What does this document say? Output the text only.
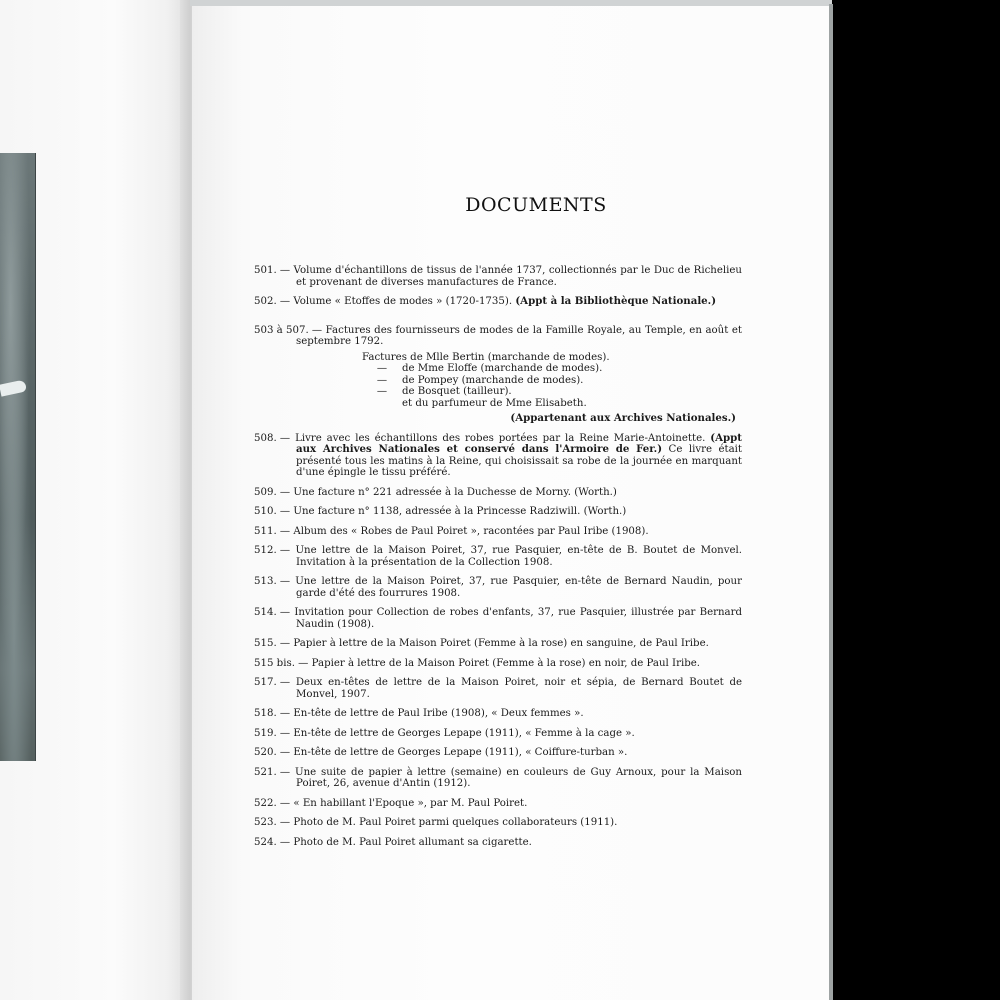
DOCUMENTS
501. — Volume d'échantillons de tissus de l'année 1737, collectionnés par le Duc de Richelieu et provenant de diverses manufactures de France.
502. — Volume « Etoffes de modes » (1720-1735). (Appt à la Bibliothèque Nationale.)
503 à 507. — Factures des fournisseurs de modes de la Famille Royale, au Temple, en août et septembre 1792.
Factures de Mlle Bertin (marchande de modes).
— de Mme Eloffe (marchande de modes).
— de Pompey (marchande de modes).
— de Bosquet (tailleur).
et du parfumeur de Mme Elisabeth.
(Appartenant aux Archives Nationales.)
508. — Livre avec les échantillons des robes portées par la Reine Marie-Antoinette. (Appt aux Archives Nationales et conservé dans l'Armoire de Fer.) Ce livre était présenté tous les matins à la Reine, qui choisissait sa robe de la journée en marquant d'une épingle le tissu préféré.
509. — Une facture n° 221 adressée à la Duchesse de Morny. (Worth.)
510. — Une facture n° 1138, adressée à la Princesse Radziwill. (Worth.)
511. — Album des « Robes de Paul Poiret », racontées par Paul Iribe (1908).
512. — Une lettre de la Maison Poiret, 37, rue Pasquier, en-tête de B. Boutet de Monvel. Invitation à la présentation de la Collection 1908.
513. — Une lettre de la Maison Poiret, 37, rue Pasquier, en-tête de Bernard Naudin, pour garde d'été des fourrures 1908.
514. — Invitation pour Collection de robes d'enfants, 37, rue Pasquier, illustrée par Bernard Naudin (1908).
515. — Papier à lettre de la Maison Poiret (Femme à la rose) en sanguine, de Paul Iribe.
515 bis. — Papier à lettre de la Maison Poiret (Femme à la rose) en noir, de Paul Iribe.
517. — Deux en-têtes de lettre de la Maison Poiret, noir et sépia, de Bernard Boutet de Monvel, 1907.
518. — En-tête de lettre de Paul Iribe (1908), « Deux femmes ».
519. — En-tête de lettre de Georges Lepape (1911), « Femme à la cage ».
520. — En-tête de lettre de Georges Lepape (1911), « Coiffure-turban ».
521. — Une suite de papier à lettre (semaine) en couleurs de Guy Arnoux, pour la Maison Poiret, 26, avenue d'Antin (1912).
522. — « En habillant l'Epoque », par M. Paul Poiret.
523. — Photo de M. Paul Poiret parmi quelques collaborateurs (1911).
524. — Photo de M. Paul Poiret allumant sa cigarette.
